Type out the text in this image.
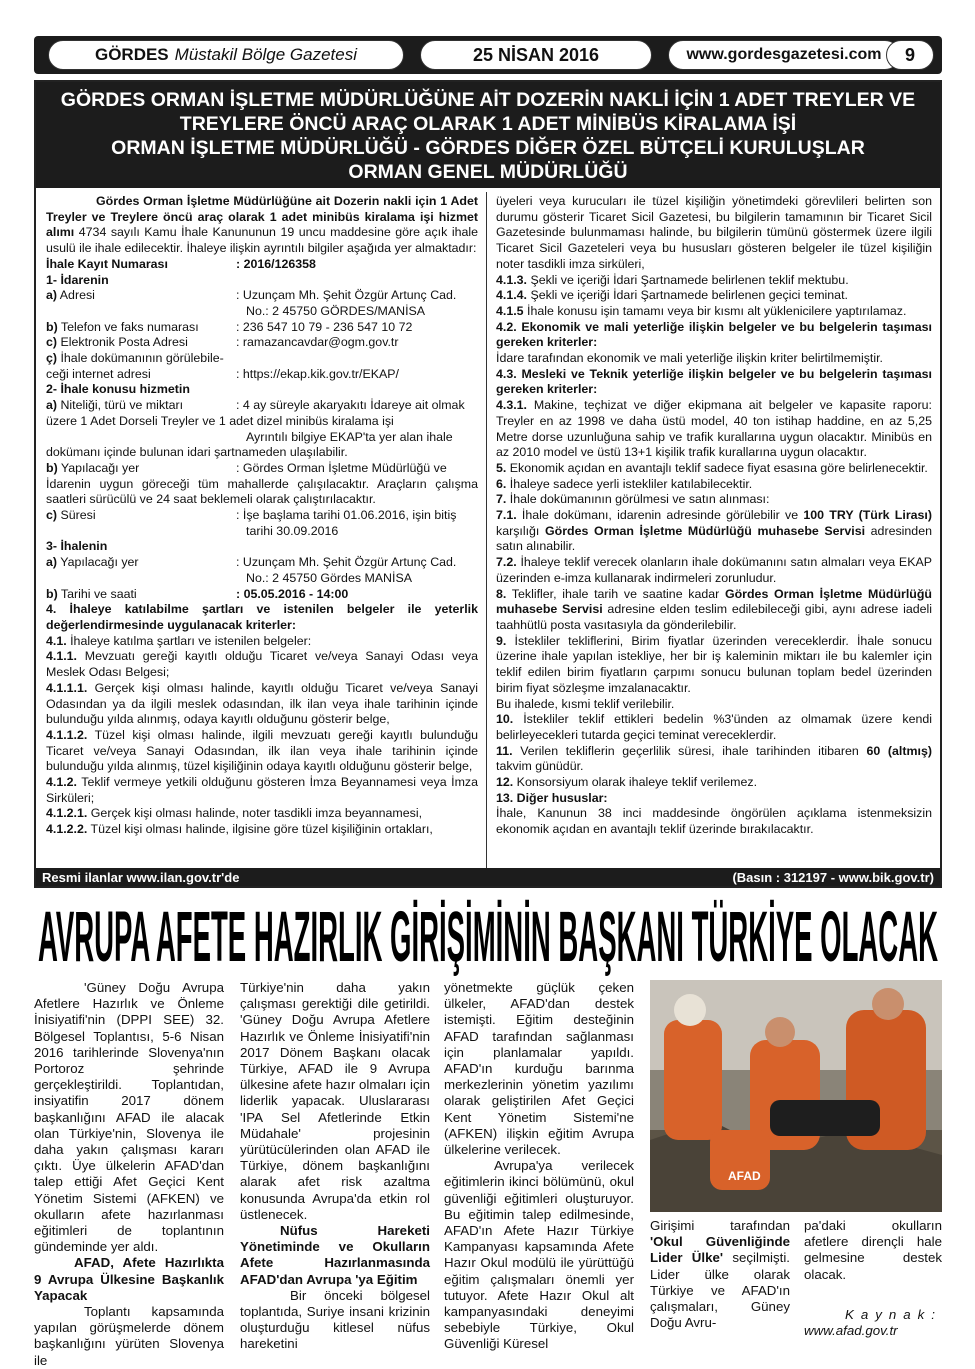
GÖRDES Müstakil Bölge Gazetesi	25 NİSAN 2016	www.gordesgazetesi.com	9
GÖRDES ORMAN İŞLETME MÜDÜRLÜĞÜNE AİT DOZERİN NAKLİ İÇİN 1 ADET TREYLER VE
TREYLERE ÖNCÜ ARAÇ OLARAK 1 ADET MİNİBÜS KİRALAMA İŞİ
ORMAN İŞLETME MÜDÜRLÜĞÜ - GÖRDES DİĞER ÖZEL BÜTÇELİ KURULUŞLAR
ORMAN GENEL MÜDÜRLÜĞÜ

Gördes Orman İşletme Müdürlüğüne ait Dozerin nakli için 1 Adet Treyler ve Treylere öncü araç olarak 1 adet minibüs kiralama işi hizmet alımı 4734 sayılı Kamu İhale Kanununun 19 uncu maddesine göre açık ihale usulü ile ihale edilecektir. İhaleye ilişkin ayrıntılı bilgiler aşağıda yer almaktadır:

İhale Kayıt Numarası	: 2016/126358

1- İdarenin

a) Adresi	: Uzunçam Mh. Şehit Özgür Artunç Cad.

No.: 2 45750 GÖRDES/MANİSA

b) Telefon ve faks numarası	: 236 547 10 79 - 236 547 10 72
c) Elektronik Posta Adresi	: ramazancavdar@ogm.gov.tr

ç) İhale dokümanının görülebile-

ceği internet adresi	: https://ekap.kik.gov.tr/EKAP/

2- İhale konusu hizmetin

a) Niteliği, türü ve miktarı	: 4 ay süreyle akaryakıtı İdareye ait olmak

üzere 1 Adet Dorseli Treyler ve 1 adet dizel minibüs kiralama işi

Ayrıntılı bilgiye EKAP'ta yer alan ihale

dokümanı içinde bulunan idari şartnameden ulaşılabilir.

b) Yapılacağı yer	: Gördes Orman İşletme Müdürlüğü ve

İdarenin uygun göreceği tüm mahallerde çalışılacaktır. Araçların çalışma saatleri sürücülü ve 24 saat beklemeli olarak çalıştırılacaktır.

c) Süresi	: İşe başlama tarihi 01.06.2016, işin bitiş

tarihi 30.09.2016

3- İhalenin

a) Yapılacağı yer	: Uzunçam Mh. Şehit Özgür Artunç Cad.

No.: 2 45750 Gördes MANİSA

b) Tarihi ve saati	: 05.05.2016 - 14:00

4. İhaleye katılabilme şartları ve istenilen belgeler ile yeterlik değerlendirmesinde uygulanacak kriterler:

4.1. İhaleye katılma şartları ve istenilen belgeler:

4.1.1. Mevzuatı gereği kayıtlı olduğu Ticaret ve/veya Sanayi Odası veya Meslek Odası Belgesi;

4.1.1.1. Gerçek kişi olması halinde, kayıtlı olduğu Ticaret ve/veya Sanayi Odasından ya da ilgili meslek odasından, ilk ilan veya ihale tarihinin içinde bulunduğu yılda alınmış, odaya kayıtlı olduğunu gösterir belge,

4.1.1.2. Tüzel kişi olması halinde, ilgili mevzuatı gereği kayıtlı bulunduğu Ticaret ve/veya Sanayi Odasından, ilk ilan veya ihale tarihinin içinde bulunduğu yılda alınmış, tüzel kişiliğinin odaya kayıtlı olduğunu gösterir belge,

4.1.2. Teklif vermeye yetkili olduğunu gösteren İmza Beyannamesi veya İmza Sirküleri;

4.1.2.1. Gerçek kişi olması halinde, noter tasdikli imza beyannamesi,

4.1.2.2. Tüzel kişi olması halinde, ilgisine göre tüzel kişiliğinin ortakları,

üyeleri veya kurucuları ile tüzel kişiliğin yönetimdeki görevlileri belirten son durumu gösterir Ticaret Sicil Gazetesi, bu bilgilerin tamamının bir Ticaret Sicil Gazetesinde bulunmaması halinde, bu bilgilerin tümünü göstermek üzere ilgili Ticaret Sicil Gazeteleri veya bu hususları gösteren belgeler ile tüzel kişiliğin noter tasdikli imza sirküleri,

4.1.3. Şekli ve içeriği İdari Şartnamede belirlenen teklif mektubu.

4.1.4. Şekli ve içeriği İdari Şartnamede belirlenen geçici teminat.

4.1.5 İhale konusu işin tamamı veya bir kısmı alt yüklenicilere yaptırılamaz.

4.2. Ekonomik ve mali yeterliğe ilişkin belgeler ve bu belgelerin taşıması gereken kriterler:

İdare tarafından ekonomik ve mali yeterliğe ilişkin kriter belirtilmemiştir.

4.3. Mesleki ve Teknik yeterliğe ilişkin belgeler ve bu belgelerin taşıması gereken kriterler:

4.3.1. Makine, teçhizat ve diğer ekipmana ait belgeler ve kapasite raporu: Treyler en az 1998 ve daha üstü model, 40 ton istihap haddine, en az 5,25 Metre dorse uzunluğuna sahip ve trafik kurallarına uygun olacaktır. Minibüs en az 2010 model ve üstü 13+1 kişilik trafik kurallarına uygun olacaktır.

5. Ekonomik açıdan en avantajlı teklif sadece fiyat esasına göre belirlenecektir.

6. İhaleye sadece yerli istekliler katılabilecektir.

7. İhale dokümanının görülmesi ve satın alınması:

7.1. İhale dokümanı, idarenin adresinde görülebilir ve 100 TRY (Türk Lirası) karşılığı Gördes Orman İşletme Müdürlüğü muhasebe Servisi adresinden satın alınabilir.

7.2. İhaleye teklif verecek olanların ihale dokümanını satın almaları veya EKAP üzerinden e-imza kullanarak indirmeleri zorunludur.

8. Teklifler, ihale tarih ve saatine kadar Gördes Orman İşletme Müdürlüğü muhasebe Servisi adresine elden teslim edilebileceği gibi, aynı adrese iadeli taahhütlü posta vasıtasıyla da gönderilebilir.

9. İstekliler tekliflerini, Birim fiyatlar üzerinden vereceklerdir. İhale sonucu üzerine ihale yapılan istekliye, her bir iş kaleminin miktarı ile bu kalemler için teklif edilen birim fiyatların çarpımı sonucu bulunan toplam bedel üzerinden birim fiyat sözleşme imzalanacaktır.

Bu ihalede, kısmi teklif verilebilir.

10. İstekliler teklif ettikleri bedelin %3'ünden az olmamak üzere kendi belirleyecekleri tutarda geçici teminat vereceklerdir.

11. Verilen tekliflerin geçerlilik süresi, ihale tarihinden itibaren 60 (altmış) takvim günüdür.

12. Konsorsiyum olarak ihaleye teklif verilemez.

13. Diğer hususlar:

İhale, Kanunun 38 inci maddesinde öngörülen açıklama istenmeksizin ekonomik açıdan en avantajlı teklif üzerinde bırakılacaktır.

Resmi ilanlar www.ilan.gov.tr'de	(Basın : 312197 - www.bik.gov.tr)
AVRUPA AFETE HAZIRLIK GİRİŞİMİNİN BAŞKANI TÜRKİYE OLACAK

'Güney Doğu Avrupa Afetlere Hazırlık ve Önleme İnisiyatifi'nin (DPPI SEE) 32. Bölgesel Toplantısı, 5-6 Nisan 2016 tarihlerinde Slovenya'nın Portoroz şehrinde gerçekleştirildi. Toplantıdan, insiyatifin 2017 dönem başkanlığını AFAD ile alacak olan Türkiye'nin, Slovenya ile daha yakın çalışması kararı çıktı. Üye ülkelerin AFAD'dan talep ettiği Afet Geçici Kent Yönetim Sistemi (AFKEN) ve okulların afete hazırlanması eğitimleri de toplantının gündeminde yer aldı.

AFAD, Afete Hazırlıkta 9 Avrupa Ülkesine Başkanlık Yapacak

Toplantı kapsamında yapılan görüşmelerde dönem başkanlığını yürüten Slovenya ile

Türkiye'nin daha yakın çalışması gerektiği dile getirildi. 'Güney Doğu Avrupa Afetlere Hazırlık ve Önleme İnisiyatifi'nin 2017 Dönem Başkanı olacak Türkiye, AFAD ile 9 Avrupa ülkesine afete hazır olmaları için liderlik yapacak. Uluslararası 'IPA Sel Afetlerinde Etkin Müdahale' projesinin yürütücülerinden olan AFAD ile Türkiye, dönem başkanlığını alarak afet risk azaltma konusunda Avrupa'da etkin rol üstlenecek.

Nüfus Hareketi Yönetiminde ve Okulların Afete Hazırlanmasında AFAD'dan Avrupa 'ya Eğitim

Bir önceki bölgesel toplantıda, Suriye insani krizinin oluşturduğu kitlesel nüfus hareketini

yönetmekte güçlük çeken ülkeler, AFAD'dan destek istemişti. Eğitim desteğinin AFAD tarafından sağlanması için planlamalar yapıldı. AFAD'ın kurduğu barınma merkezlerinin yönetim yazılımı olarak geliştirilen Afet Geçici Kent Yönetim Sistemi'ne (AFKEN) ilişkin eğitim Avrupa ülkelerine verilecek.

Avrupa'ya verilecek eğitimlerin ikinci bölümünü, okul güvenliği eğitimleri oluşturuyor. Bu eğitimin talep edilmesinde, AFAD'ın Afete Hazır Türkiye Kampanyası kapsamında Afete Hazır Okul modülü ile yürüttüğü eğitim çalışmaları önemli yer tutuyor. Afete Hazır Okul alt kampanyasındaki deneyimi sebebiyle Türkiye, Okul Güvenliği Küresel

AFAD

Girişimi tarafından 'Okul Güvenliğinde Lider Ülke' seçilmişti. Lider ülke olarak Türkiye ve AFAD'ın çalışmaları, Güney Doğu Avru-

pa'daki okulların afetlere dirençli hale gelmesine destek olacak.

Kaynak:

www.afad.gov.tr
